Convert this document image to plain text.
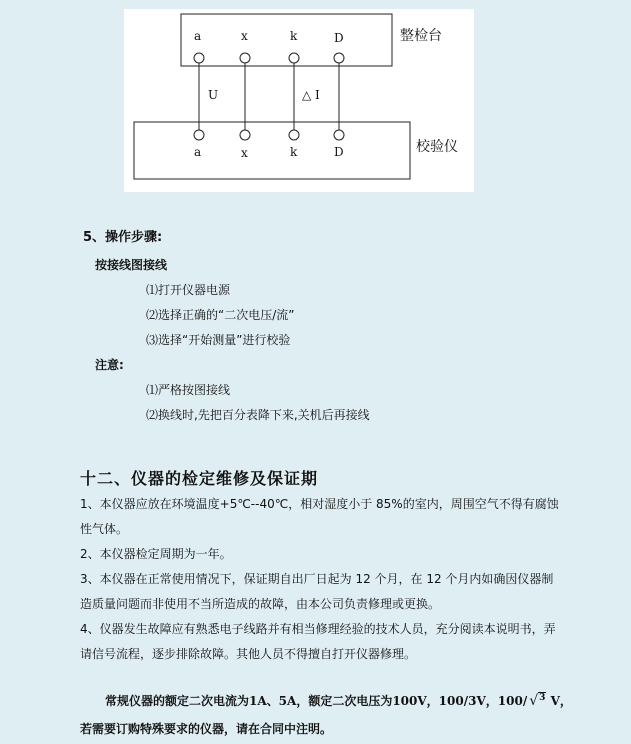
a	x	k	D
a	x	k	D
U	△ I
整检台
校验仪
5、操作步骤:
按接线图接线
⑴打开仪器电源
⑵选择正确的“二次电压/流”
⑶选择“开始测量”进行校验
注意:
⑴严格按图接线
⑵换线时,先把百分表降下来,关机后再接线
十二、仪器的检定维修及保证期
1、本仪器应放在环境温度+5℃--40℃，相对湿度小于 85%的室内，周围空气不得有腐蚀性气体。
2、本仪器检定周期为一年。
3、本仪器在正常使用情况下，保证期自出厂日起为 12 个月，在 12 个月内如确因仪器制造质量问题而非使用不当所造成的故障，由本公司负责修理或更换。
4、仪器发生故障应有熟悉电子线路并有相当修理经验的技术人员，充分阅读本说明书，弄请信号流程，逐步排除故障。其他人员不得擅自打开仪器修理。
常规仪器的额定二次电流为1A、5A，额定二次电压为100V，100/3V，100/ √$^3$ V，
若需要订购特殊要求的仪器，请在合同中注明。
